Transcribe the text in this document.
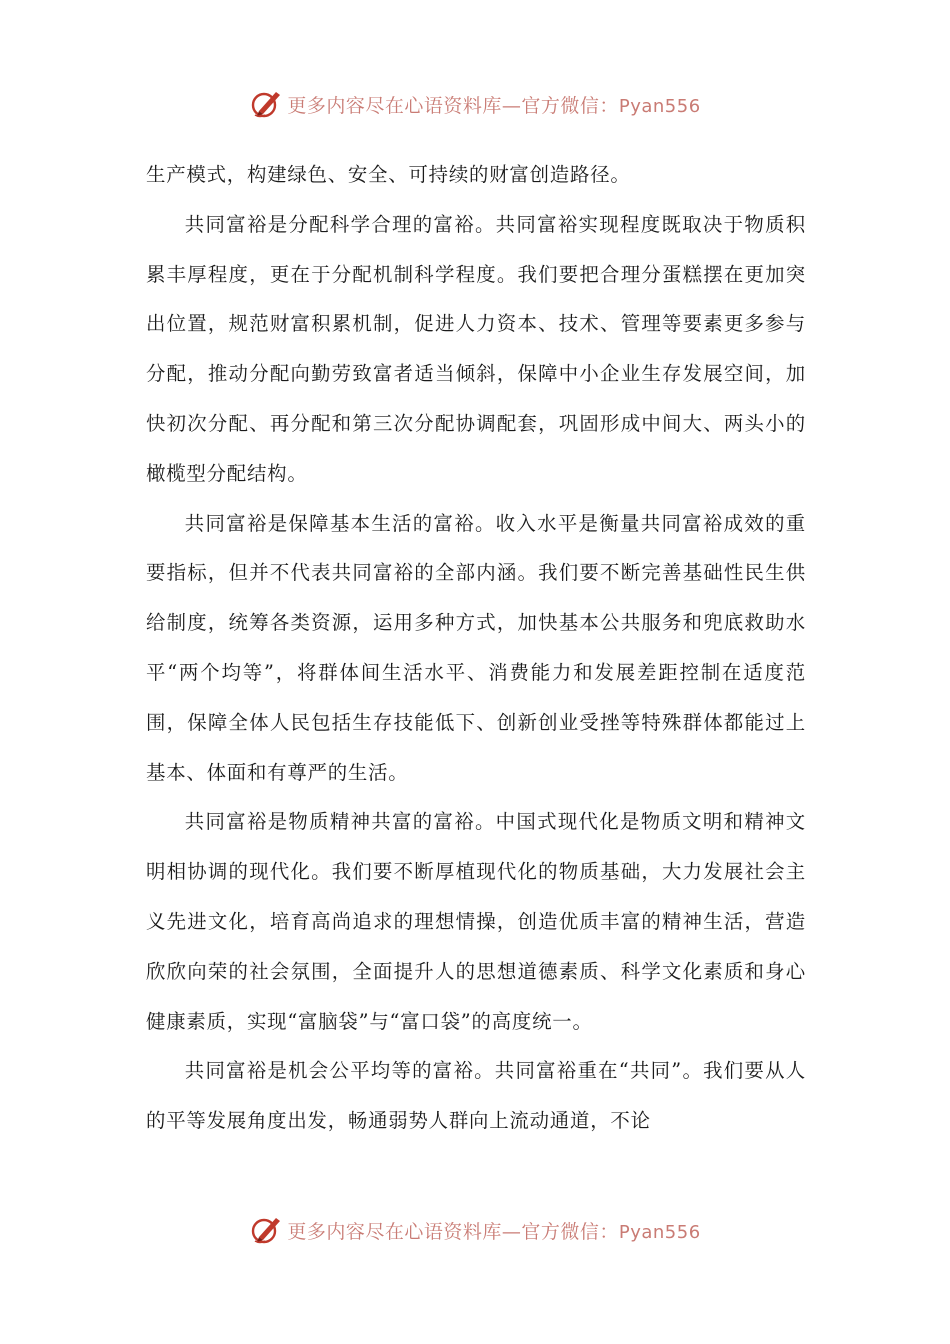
更多内容尽在心语资料库—官方微信：Pyan556

生产模式，构建绿色、安全、可持续的财富创造路径。

共同富裕是分配科学合理的富裕。共同富裕实现程度既取决于物质积累丰厚程度，更在于分配机制科学程度。我们要把合理分蛋糕摆在更加突出位置，规范财富积累机制，促进人力资本、技术、管理等要素更多参与分配，推动分配向勤劳致富者适当倾斜，保障中小企业生存发展空间，加快初次分配、再分配和第三次分配协调配套，巩固形成中间大、两头小的橄榄型分配结构。

共同富裕是保障基本生活的富裕。收入水平是衡量共同富裕成效的重要指标，但并不代表共同富裕的全部内涵。我们要不断完善基础性民生供给制度，统筹各类资源，运用多种方式，加快基本公共服务和兜底救助水平“两个均等”，将群体间生活水平、消费能力和发展差距控制在适度范围，保障全体人民包括生存技能低下、创新创业受挫等特殊群体都能过上基本、体面和有尊严的生活。

共同富裕是物质精神共富的富裕。中国式现代化是物质文明和精神文明相协调的现代化。我们要不断厚植现代化的物质基础，大力发展社会主义先进文化，培育高尚追求的理想情操，创造优质丰富的精神生活，营造欣欣向荣的社会氛围，全面提升人的思想道德素质、科学文化素质和身心健康素质，实现“富脑袋”与“富口袋”的高度统一。

共同富裕是机会公平均等的富裕。共同富裕重在“共同”。我们要从人的平等发展角度出发，畅通弱势人群向上流动通道，不论

更多内容尽在心语资料库—官方微信：Pyan556
